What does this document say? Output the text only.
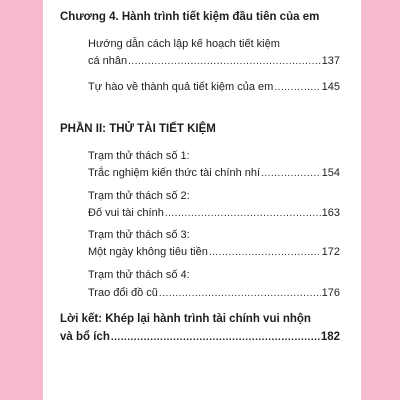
Chương 4. Hành trình tiết kiệm đầu tiên của em
Hướng dẫn cách lập kế hoạch tiết kiệm
cá nhân .....	137
Tự hào về thành quả tiết kiệm của em .....	145
PHẦN II: THỬ TÀI TIẾT KIỆM
Trạm thử thách số 1:
Trắc nghiệm kiến thức tài chính nhí .....	154
Trạm thử thách số 2:
Đố vui tài chính .....	163
Trạm thử thách số 3:
Một ngày không tiêu tiền .....	172
Trạm thử thách số 4:
Trao đổi đồ cũ .....	176
Lời kết: Khép lại hành trình tài chính vui nhộn
và bổ ích .....	182
